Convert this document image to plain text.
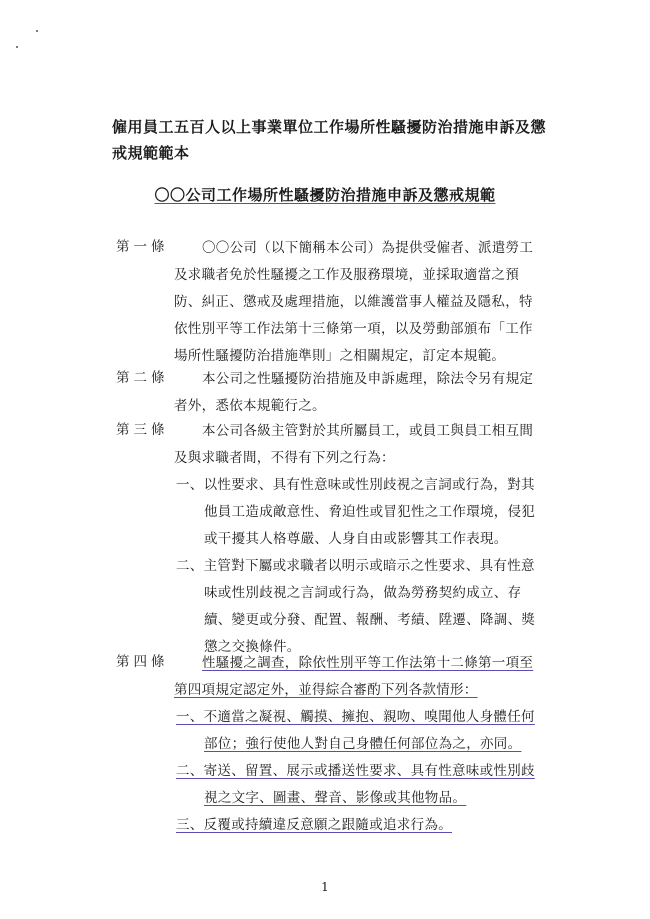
僱用員工五百人以上事業單位工作場所性騷擾防治措施申訴及懲戒規範範本
〇〇公司工作場所性騷擾防治措施申訴及懲戒規範
第一條	〇〇公司（以下簡稱本公司）為提供受僱者、派遣勞工
及求職者免於性騷擾之工作及服務環境，並採取適當之預
防、糾正、懲戒及處理措施，以維護當事人權益及隱私，特
依性別平等工作法第十三條第一項，以及勞動部頒布「工作
場所性騷擾防治措施準則」之相關規定，訂定本規範。
第二條	本公司之性騷擾防治措施及申訴處理，除法令另有規定
者外，悉依本規範行之。
第三條	本公司各級主管對於其所屬員工，或員工與員工相互間
及與求職者間，不得有下列之行為：
一、以性要求、具有性意味或性別歧視之言詞或行為，對其
他員工造成敵意性、脅迫性或冒犯性之工作環境，侵犯
或干擾其人格尊嚴、人身自由或影響其工作表現。
二、主管對下屬或求職者以明示或暗示之性要求、具有性意
味或性別歧視之言詞或行為，做為勞務契約成立、存
續、變更或分發、配置、報酬、考績、陞遷、降調、獎
懲之交換條件。
第四條	性騷擾之調查，除依性別平等工作法第十二條第一項至
第四項規定認定外，並得綜合審酌下列各款情形：
一、不適當之凝視、觸摸、擁抱、親吻、嗅聞他人身體任何
部位；強行使他人對自己身體任何部位為之，亦同。
二、寄送、留置、展示或播送性要求、具有性意味或性別歧
視之文字、圖畫、聲音、影像或其他物品。
三、反覆或持續違反意願之跟隨或追求行為。
1
